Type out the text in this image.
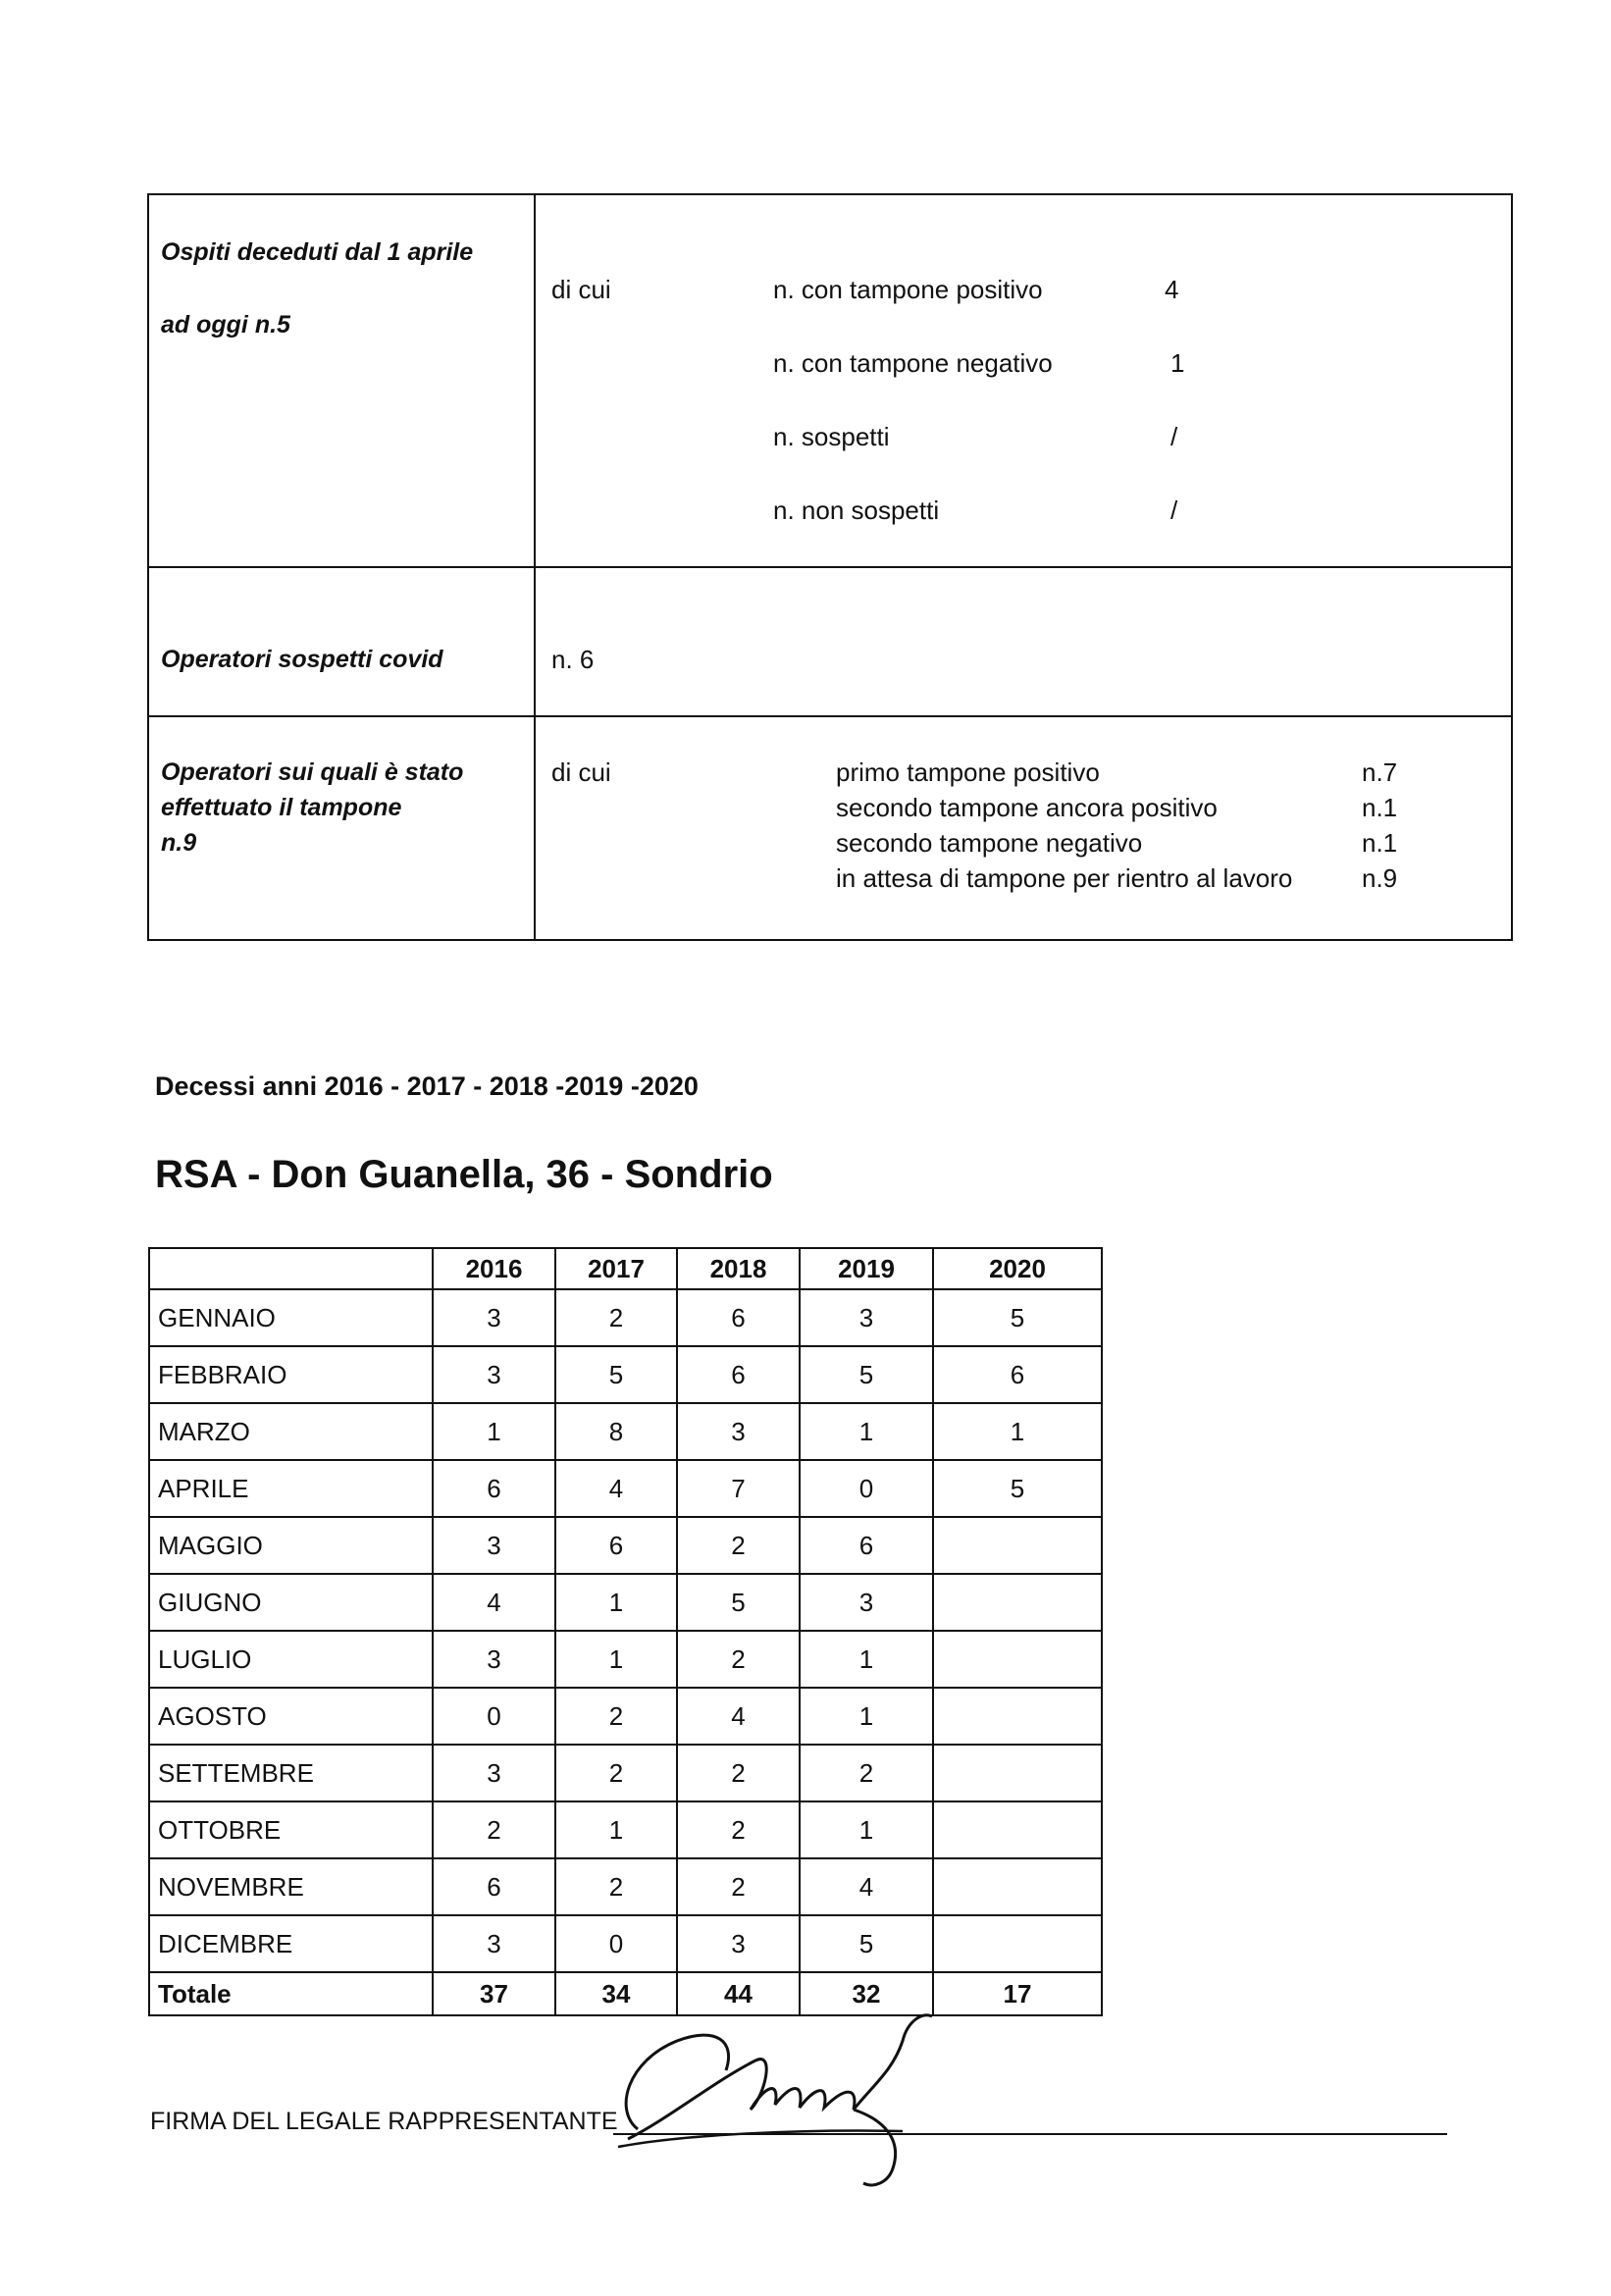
Ospiti deceduti dal 1 aprile
ad oggi n.5
di cui	n. con tampone positivo	4
n. con tampone negativo	1
n. sospetti	/
n. non sospetti	/
Operatori sospetti covid	n. 6
Operatori sui quali è stato
effettuato il tampone
n.9
di cui	primo tampone positivo	n.7
secondo tampone ancora positivo	n.1
secondo tampone negativo	n.1
in attesa di tampone per rientro al lavoro	n.9
Decessi anni 2016 - 2017 - 2018 -2019 -2020
RSA - Don Guanella, 36 - Sondrio
	2016	2017	2018	2019	2020
GENNAIO	3	2	6	3	5
FEBBRAIO	3	5	6	5	6
MARZO	1	8	3	1	1
APRILE	6	4	7	0	5
MAGGIO	3	6	2	6	
GIUGNO	4	1	5	3	
LUGLIO	3	1	2	1	
AGOSTO	0	2	4	1	
SETTEMBRE	3	2	2	2	
OTTOBRE	2	1	2	1	
NOVEMBRE	6	2	2	4	
DICEMBRE	3	0	3	5	
Totale	37	34	44	32	17
FIRMA DEL LEGALE RAPPRESENTANTE
